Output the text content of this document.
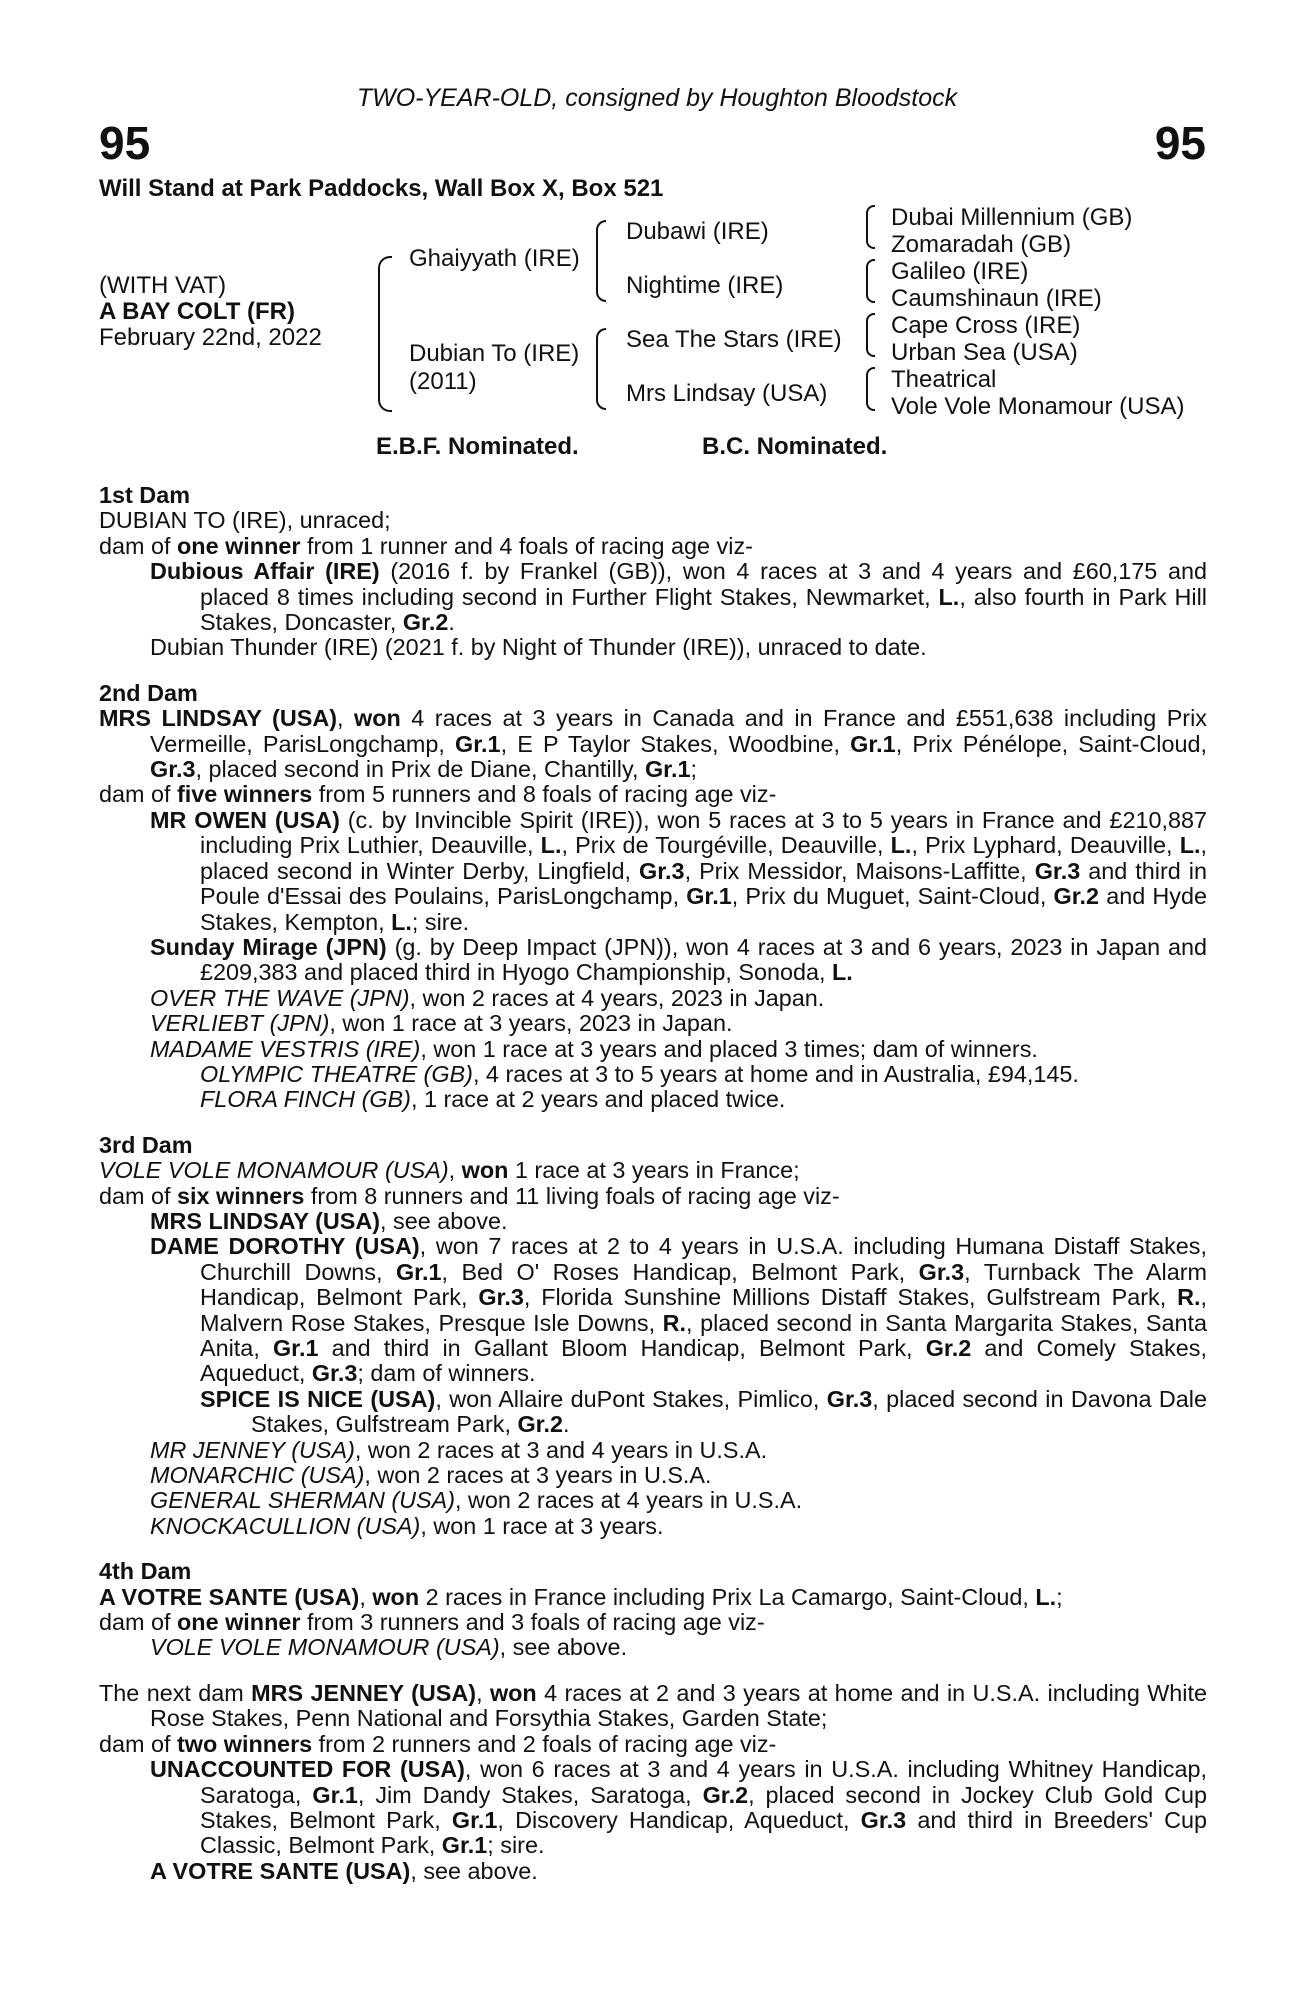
TWO-YEAR-OLD, consigned by Houghton Bloodstock
95	95
Will Stand at Park Paddocks, Wall Box X, Box 521
(WITH VAT)
A BAY COLT (FR)
February 22nd, 2022
Ghaiyyath (IRE)
Dubian To (IRE)
(2011)
Dubawi (IRE)
Nightime (IRE)
Sea The Stars (IRE)
Mrs Lindsay (USA)
Dubai Millennium (GB)
Zomaradah (GB)
Galileo (IRE)
Caumshinaun (IRE)
Cape Cross (IRE)
Urban Sea (USA)
Theatrical
Vole Vole Monamour (USA)
E.B.F. Nominated.	B.C. Nominated.
1st Dam
DUBIAN TO (IRE), unraced;
dam of one winner from 1 runner and 4 foals of racing age viz-
Dubious Affair (IRE) (2016 f. by Frankel (GB)), won 4 races at 3 and 4 years and £60,175 and placed 8 times including second in Further Flight Stakes, Newmarket, L., also fourth in Park Hill Stakes, Doncaster, Gr.2.
Dubian Thunder (IRE) (2021 f. by Night of Thunder (IRE)), unraced to date.
2nd Dam
MRS LINDSAY (USA), won 4 races at 3 years in Canada and in France and £551,638 including Prix Vermeille, ParisLongchamp, Gr.1, E P Taylor Stakes, Woodbine, Gr.1, Prix Pénélope, Saint-Cloud, Gr.3, placed second in Prix de Diane, Chantilly, Gr.1;
dam of five winners from 5 runners and 8 foals of racing age viz-
MR OWEN (USA) (c. by Invincible Spirit (IRE)), won 5 races at 3 to 5 years in France and £210,887 including Prix Luthier, Deauville, L., Prix de Tourgéville, Deauville, L., Prix Lyphard, Deauville, L., placed second in Winter Derby, Lingfield, Gr.3, Prix Messidor, Maisons-Laffitte, Gr.3 and third in Poule d'Essai des Poulains, ParisLongchamp, Gr.1, Prix du Muguet, Saint-Cloud, Gr.2 and Hyde Stakes, Kempton, L.; sire.
Sunday Mirage (JPN) (g. by Deep Impact (JPN)), won 4 races at 3 and 6 years, 2023 in Japan and £209,383 and placed third in Hyogo Championship, Sonoda, L.
OVER THE WAVE (JPN), won 2 races at 4 years, 2023 in Japan.
VERLIEBT (JPN), won 1 race at 3 years, 2023 in Japan.
MADAME VESTRIS (IRE), won 1 race at 3 years and placed 3 times; dam of winners.
OLYMPIC THEATRE (GB), 4 races at 3 to 5 years at home and in Australia, £94,145.
FLORA FINCH (GB), 1 race at 2 years and placed twice.
3rd Dam
VOLE VOLE MONAMOUR (USA), won 1 race at 3 years in France;
dam of six winners from 8 runners and 11 living foals of racing age viz-
MRS LINDSAY (USA), see above.
DAME DOROTHY (USA), won 7 races at 2 to 4 years in U.S.A. including Humana Distaff Stakes, Churchill Downs, Gr.1, Bed O' Roses Handicap, Belmont Park, Gr.3, Turnback The Alarm Handicap, Belmont Park, Gr.3, Florida Sunshine Millions Distaff Stakes, Gulfstream Park, R., Malvern Rose Stakes, Presque Isle Downs, R., placed second in Santa Margarita Stakes, Santa Anita, Gr.1 and third in Gallant Bloom Handicap, Belmont Park, Gr.2 and Comely Stakes, Aqueduct, Gr.3; dam of winners.
SPICE IS NICE (USA), won Allaire duPont Stakes, Pimlico, Gr.3, placed second in Davona Dale Stakes, Gulfstream Park, Gr.2.
MR JENNEY (USA), won 2 races at 3 and 4 years in U.S.A.
MONARCHIC (USA), won 2 races at 3 years in U.S.A.
GENERAL SHERMAN (USA), won 2 races at 4 years in U.S.A.
KNOCKACULLION (USA), won 1 race at 3 years.
4th Dam
A VOTRE SANTE (USA), won 2 races in France including Prix La Camargo, Saint-Cloud, L.;
dam of one winner from 3 runners and 3 foals of racing age viz-
VOLE VOLE MONAMOUR (USA), see above.
The next dam MRS JENNEY (USA), won 4 races at 2 and 3 years at home and in U.S.A. including White Rose Stakes, Penn National and Forsythia Stakes, Garden State;
dam of two winners from 2 runners and 2 foals of racing age viz-
UNACCOUNTED FOR (USA), won 6 races at 3 and 4 years in U.S.A. including Whitney Handicap, Saratoga, Gr.1, Jim Dandy Stakes, Saratoga, Gr.2, placed second in Jockey Club Gold Cup Stakes, Belmont Park, Gr.1, Discovery Handicap, Aqueduct, Gr.3 and third in Breeders' Cup Classic, Belmont Park, Gr.1; sire.
A VOTRE SANTE (USA), see above.
